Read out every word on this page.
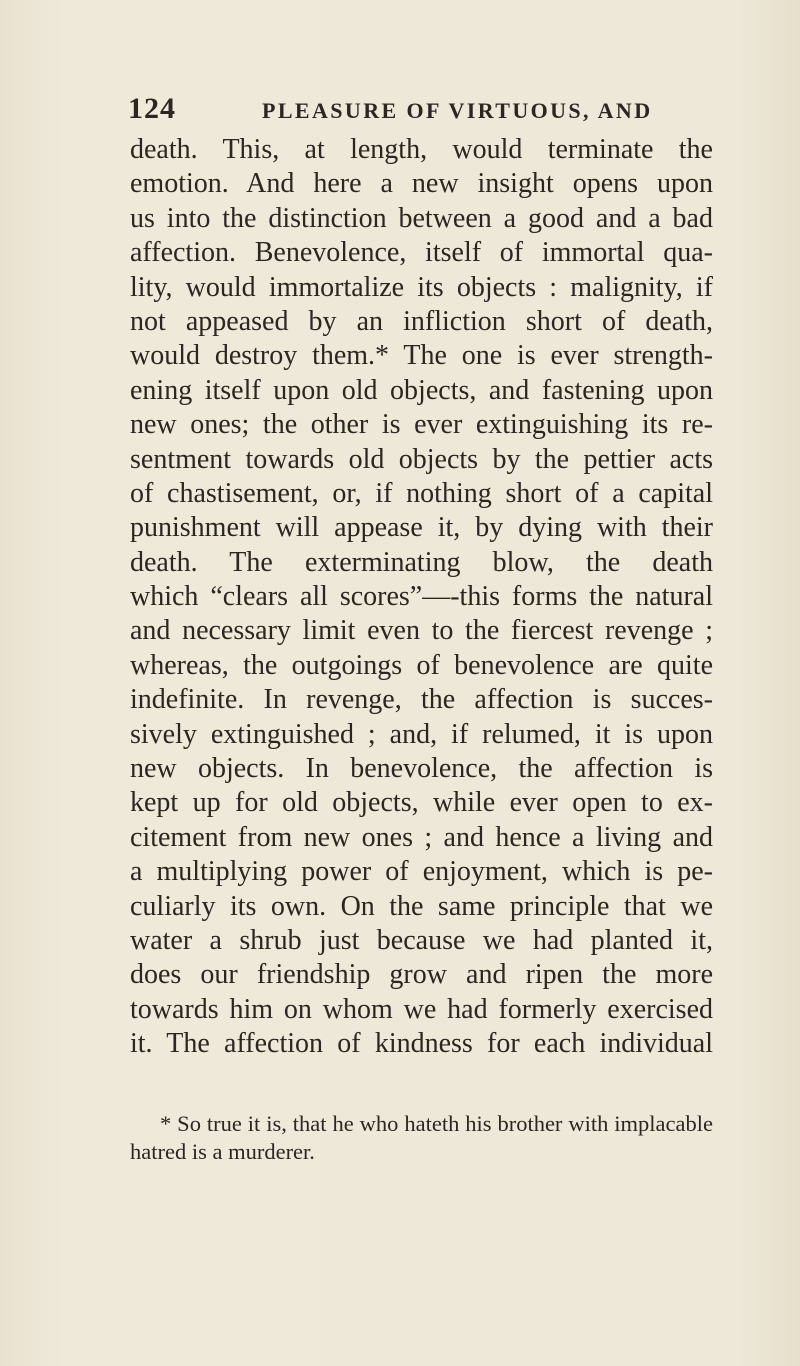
124	PLEASURE OF VIRTUOUS, AND
death. This, at length, would terminate the
emotion. And here a new insight opens upon
us into the distinction between a good and a bad
affection. Benevolence, itself of immortal qua-
lity, would immortalize its objects : malignity, if
not appeased by an infliction short of death,
would destroy them.* The one is ever strength-
ening itself upon old objects, and fastening upon
new ones; the other is ever extinguishing its re-
sentment towards old objects by the pettier acts
of chastisement, or, if nothing short of a capital
punishment will appease it, by dying with their
death. The exterminating blow, the death
which “clears all scores”—-this forms the natural
and necessary limit even to the fiercest revenge ;
whereas, the outgoings of benevolence are quite
indefinite. In revenge, the affection is succes-
sively extinguished ; and, if relumed, it is upon
new objects. In benevolence, the affection is
kept up for old objects, while ever open to ex-
citement from new ones ; and hence a living and
a multiplying power of enjoyment, which is pe-
culiarly its own. On the same principle that we
water a shrub just because we had planted it,
does our friendship grow and ripen the more
towards him on whom we had formerly exercised
it. The affection of kindness for each individual
* So true it is, that he who hateth his brother with implacable
hatred is a murderer.
